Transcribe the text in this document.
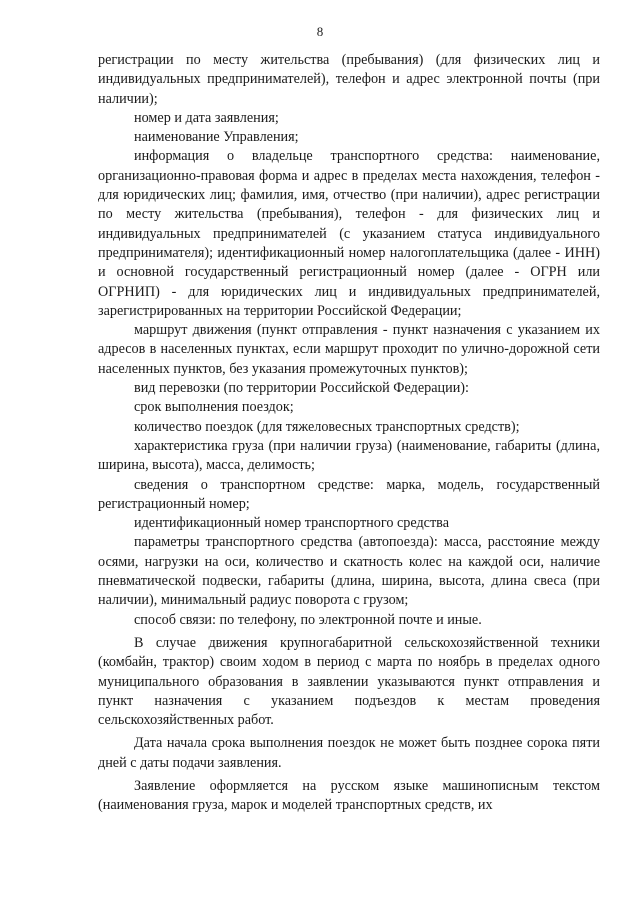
8

регистрации по месту жительства (пребывания) (для физических лиц и индивидуальных предпринимателей), телефон и адрес электронной почты (при наличии);

номер и дата заявления;

наименование Управления;

информация о владельце транспортного средства: наименование, организационно-правовая форма и адрес в пределах места нахождения, телефон - для юридических лиц; фамилия, имя, отчество (при наличии), адрес регистрации по месту жительства (пребывания), телефон - для физических лиц и индивидуальных предпринимателей (с указанием статуса индивидуального предпринимателя); идентификационный номер налогоплательщика (далее - ИНН) и основной государственный регистрационный номер (далее - ОГРН или ОГРНИП) - для юридических лиц и индивидуальных предпринимателей, зарегистрированных на территории Российской Федерации;

маршрут движения (пункт отправления - пункт назначения с указанием их адресов в населенных пунктах, если маршрут проходит по улично-дорожной сети населенных пунктов, без указания промежуточных пунктов);

вид перевозки (по территории Российской Федерации):

срок выполнения поездок;

количество поездок (для тяжеловесных транспортных средств);

характеристика груза (при наличии груза) (наименование, габариты (длина, ширина, высота), масса, делимость;

сведения о транспортном средстве: марка, модель, государственный регистрационный номер;

идентификационный номер транспортного средства

параметры транспортного средства (автопоезда): масса, расстояние между осями, нагрузки на оси, количество и скатность колес на каждой оси, наличие пневматической подвески, габариты (длина, ширина, высота, длина свеса (при наличии), минимальный радиус поворота с грузом;

способ связи: по телефону, по электронной почте и иные.

В случае движения крупногабаритной сельскохозяйственной техники (комбайн, трактор) своим ходом в период с марта по ноябрь в пределах одного муниципального образования в заявлении указываются пункт отправления и пункт назначения с указанием подъездов к местам проведения сельскохозяйственных работ.

Дата начала срока выполнения поездок не может быть позднее сорока пяти дней с даты подачи заявления.

Заявление оформляется на русском языке машинописным текстом (наименования груза, марок и моделей транспортных средств, их
